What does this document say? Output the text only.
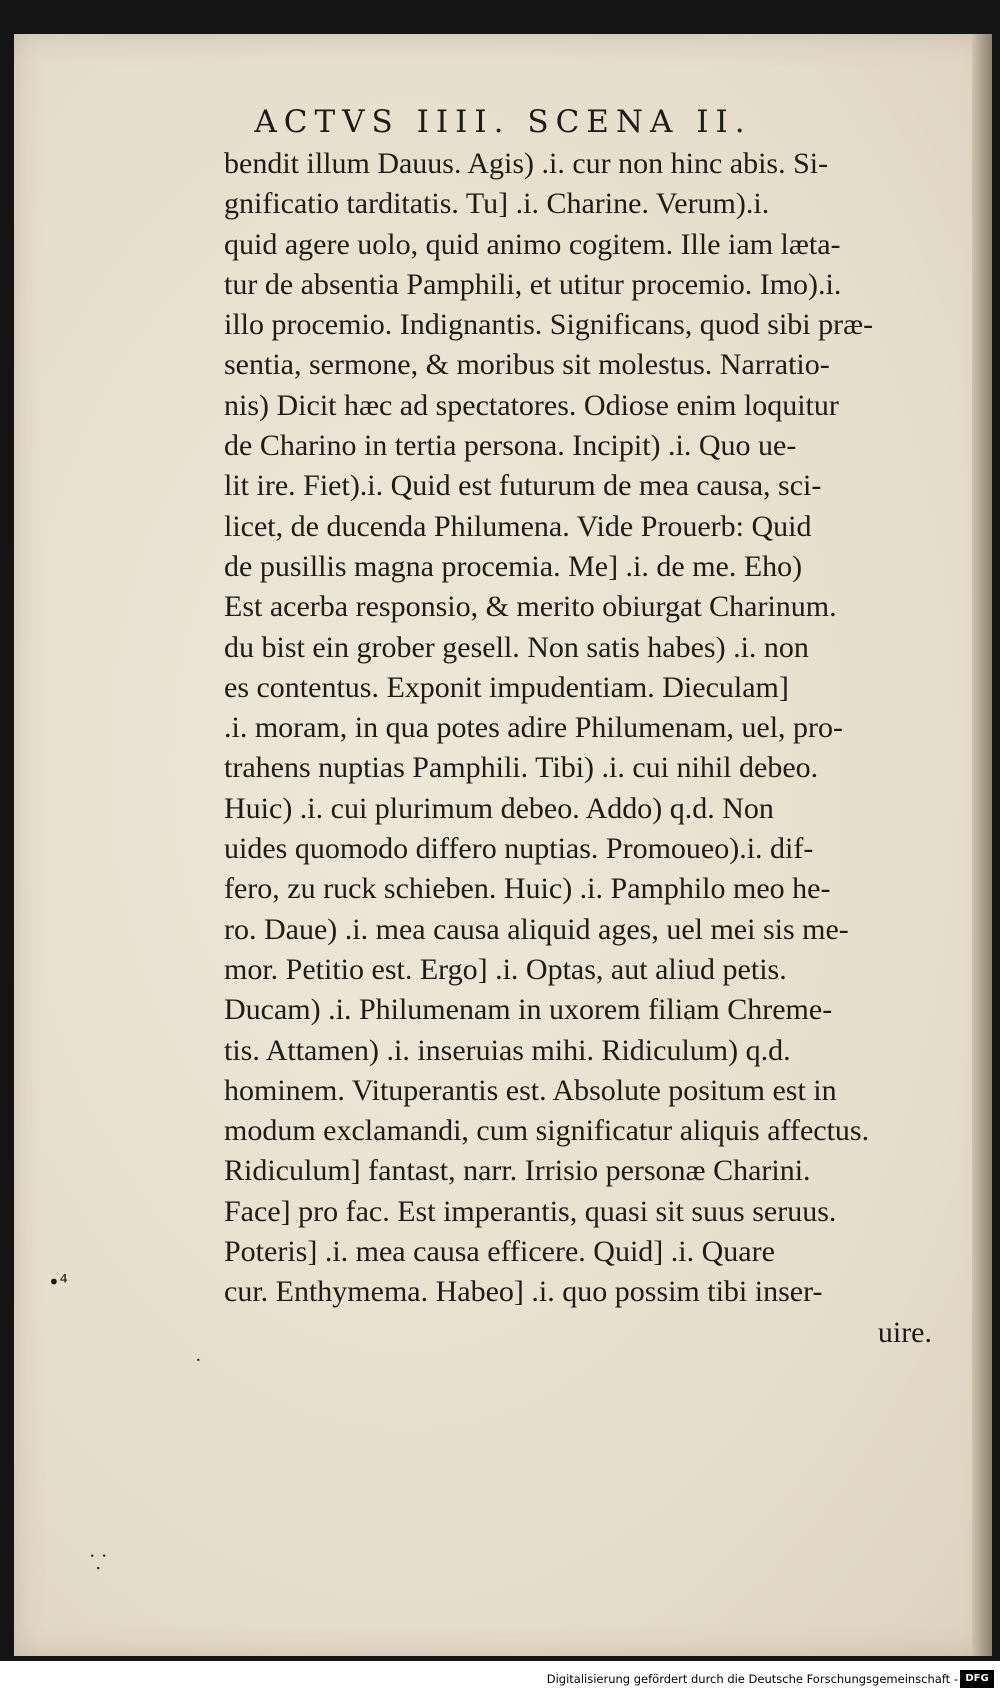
ACTVS IIII. SCENA II.
bendit illum Dauus. Agis) .i. cur non hinc abis. Si-
gnificatio tarditatis. Tu] .i. Charine. Verum).i.
quid agere uolo, quid animo cogitem. Ille iam læta-
tur de absentia Pamphili, et utitur procemio. Imo).i.
illo procemio. Indignantis. Significans, quod sibi præ-
sentia, sermone, & moribus sit molestus. Narratio-
nis) Dicit hæc ad spectatores. Odiose enim loquitur
de Charino in tertia persona. Incipit) .i. Quo ue-
lit ire. Fiet).i. Quid est futurum de mea causa, sci-
licet, de ducenda Philumena. Vide Prouerb: Quid
de pusillis magna procemia. Me] .i. de me. Eho)
Est acerba responsio, & merito obiurgat Charinum.
du bist ein grober gesell. Non satis habes) .i. non
es contentus. Exponit impudentiam. Dieculam]
.i. moram, in qua potes adire Philumenam, uel, pro-
trahens nuptias Pamphili. Tibi) .i. cui nihil debeo.
Huic) .i. cui plurimum debeo. Addo) q.d. Non
uides quomodo differo nuptias. Promoueo).i. dif-
fero, zu ruck schieben. Huic) .i. Pamphilo meo he-
ro. Daue) .i. mea causa aliquid ages, uel mei sis me-
mor. Petitio est. Ergo] .i. Optas, aut aliud petis.
Ducam) .i. Philumenam in uxorem filiam Chreme-
tis. Attamen) .i. inseruias mihi. Ridiculum) q.d.
hominem. Vituperantis est. Absolute positum est in
modum exclamandi, cum significatur aliquis affectus.
Ridiculum] fantast, narr. Irrisio personæ Charini.
Face] pro fac. Est imperantis, quasi sit suus seruus.
Poteris] .i. mea causa efficere. Quid] .i. Quare
cur. Enthymema. Habeo] .i. quo possim tibi inser-
uire.
•⁴
•
⸪
Digitalisierung gefördert durch die Deutsche Forschungsgemeinschaft - DFG
